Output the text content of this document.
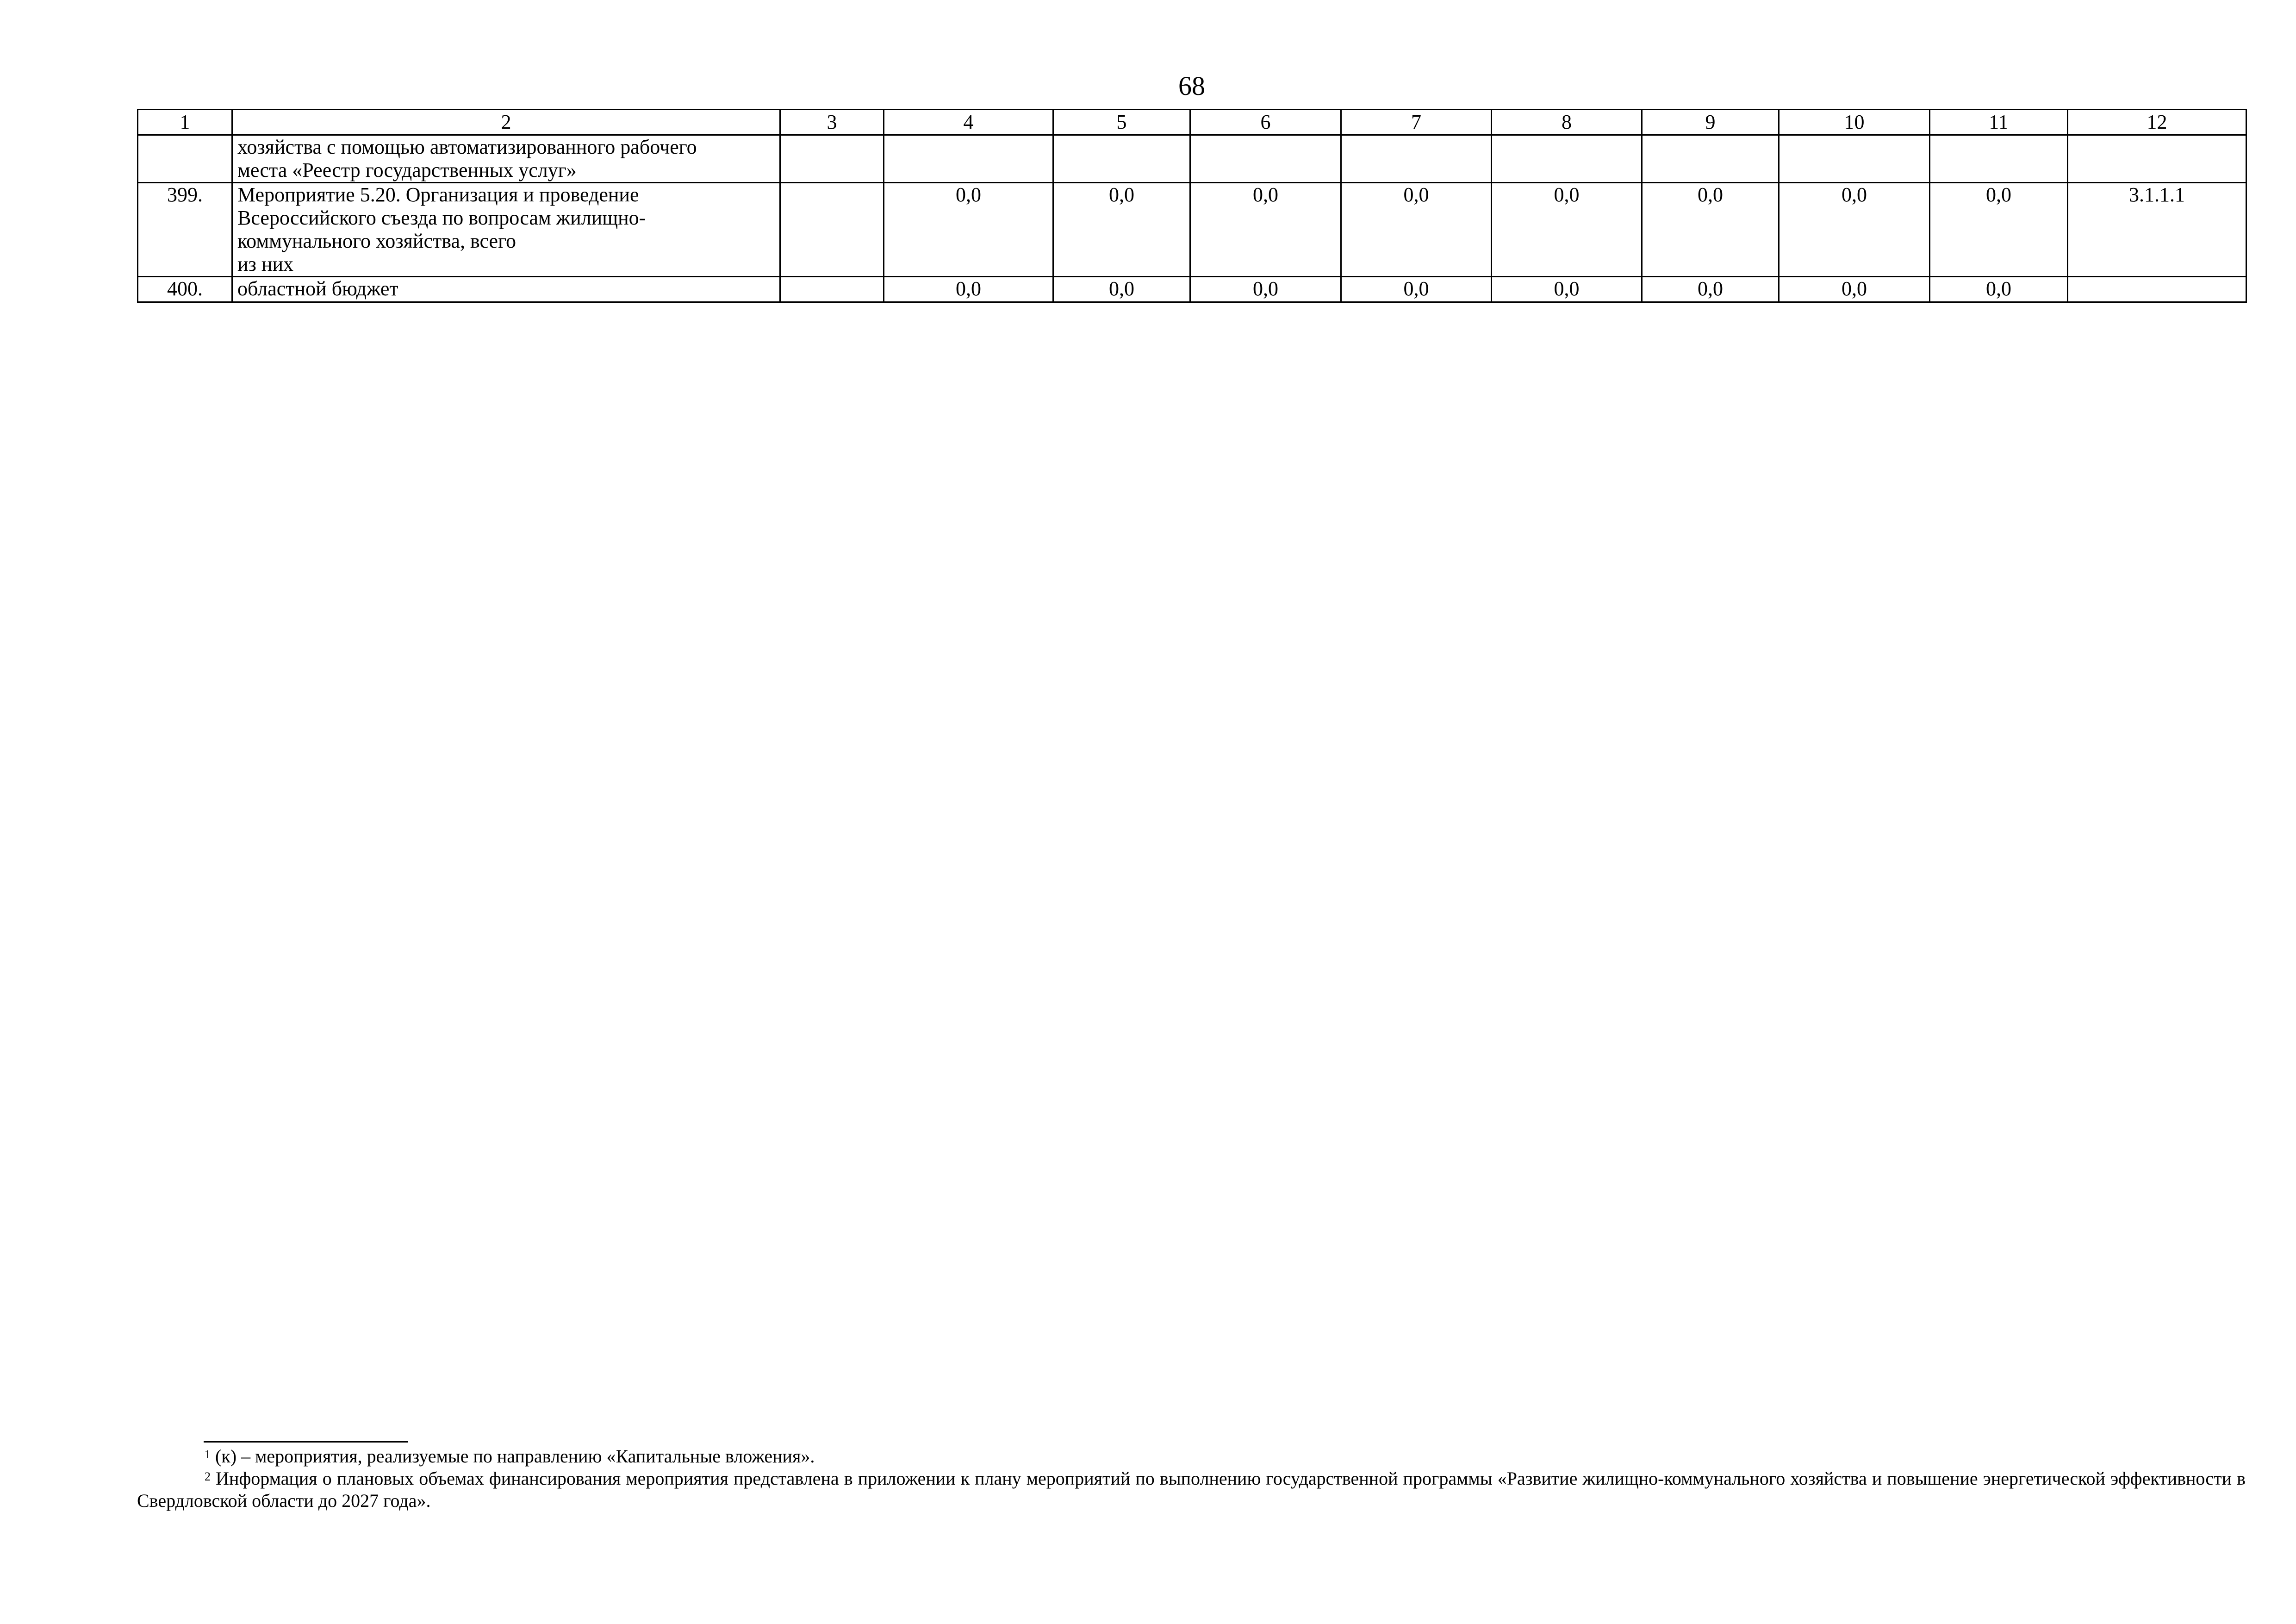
68
1	2	3	4	5	6	7	8	9	10	11	12
	хозяйства с помощью автоматизированного рабочего
места «Реестр государственных услуг»										
399.	Мероприятие 5.20. Организация и проведение
Всероссийского съезда по вопросам жилищно-
коммунального хозяйства, всего
из них		0,0	0,0	0,0	0,0	0,0	0,0	0,0	0,0	3.1.1.1
400.	областной бюджет		0,0	0,0	0,0	0,0	0,0	0,0	0,0	0,0	

$^1$ (к) – мероприятия, реализуемые по направлению «Капитальные вложения».

$^2$ Информация о плановых объемах финансирования мероприятия представлена в приложении к плану мероприятий по выполнению государственной программы «Развитие жилищно-коммунального хозяйства и повышение энергетической эффективности в Свердловской области до 2027 года».
